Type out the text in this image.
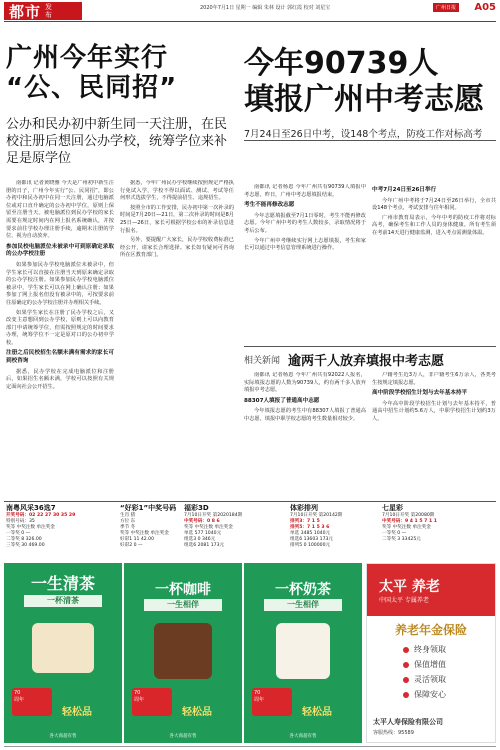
都市 发布
2020年7月1日 星期一 编辑 朱林 设计 郭红霞 校对 刘星宝	广州日报	A05
广州今年实行
“公、民同招”
公办和民办初中新生同一天注册，在民校注册后想回公办学校，统筹学位来补足是原学位

南都讯 记者黄晓雅 今天是广州初中新生注册的日子，广州今年实行“公、民同招”，即公办初中和民办初中在同一天注册，通过电脑派位或对口直升确定的公办初中学位，原则上保留至注册当天。被电脑派位到民办学校的家长需要在规定时间内在网上报名系统确认，并按要求前往学校办理注册手续，逾期未注册的学位，视为自动放弃。

参加民校电脑派位未被录中可到原确定录取的公办学校注册

如果参加民办学校电脑派位未被录中，但学生家长可以直接在注册当天到原来确定录取的公办学校注册。如果参加民办学校电脑派位被录中，学生家长可以在网上确认注册；如果参加了网上报名但没有被录中的，可按要求前往原确定的公办学校注册并办理相关手续。

如果学生家长在注册了民办学校之后，又改变主意想回到公办学校，原则上可以向教育部门申请统筹学位，但需按照规定的时间要求办理，统筹学位不一定是原对口的公办初中学校。

注册之后民校招生名额未满有需求的家长可到校咨询

据悉，民办学校在完成电脑派位和注册后，如果招生名额未满，学校可以按照有关规定面向社会公开招生。

据悉，今年广州民办学校继续按照规定严格执行免试入学，学校不得以面试、测试、考试等任何形式选拔学生，不得提前招生、违规招生。

按照全市的工作安排，民办初中第一次补录的时间是7月20日—21日，第二次补录的时间是8月25日—26日，家长可根据学校公布的补录信息进行报名。

另外，要提醒广大家长，民办学校收费标准已经公开，请家长合理选择。家长如有疑问可咨询所在区教育部门。

今年90739人
填报广州中考志愿
7月24日至26日中考，设148个考点，防疫工作对标高考

南都讯 记者杨恩 今年广州共有90739人填报中考志愿，昨日，广州中考志愿填报结束。

考生不能再修改志愿

今年志愿填报截至7月1日零时，考生不能再修改志愿。今年广州中考的考生人数较多，录取情况将于考后公布。

今年广州中考继续实行网上志愿填报，考生和家长可以通过中考信息管理系统进行操作。

中考7月24日至26日举行

今年广州中考将于7月24日至26日举行，全市共设148个考点，考试安排与往年相同。

广州市教育局表示，今年中考的防疫工作将对标高考，确保考生和工作人员的身体健康。所有考生须在考前14天进行健康监测，进入考点需测量体温。

相关新闻 逾两千人放弃填报中考志愿

南都讯 记者杨恩 今年广州共有92022人报名，实际填报志愿的人数为90739人，约有两千多人放弃填报中考志愿。

88307人填报了普通高中志愿

今年填报志愿的考生中有88307人填报了普通高中志愿，填报中职学校志愿的考生数量相对较少。

户籍考生近3万人，非户籍考生6万余人，各类考生按规定填报志愿。

高中阶段学校招生计划与去年基本持平

今年高中阶段学校招生计划与去年基本持平，普通高中招生计划约5.6万人，中职学校招生计划约3万人。

南粤风采36选7
开奖号码：02 22 27 30 35 29
特别号码：35
奖等 中奖注数 单注奖金
一等奖 0 —
二等奖 8 326.00
三等奖 30 469.00
“好彩1”中奖号码
生肖 猪
方位 东
季节 冬
奖等 中奖注数 单注奖金
好彩1 11 42.00
好彩2 0 —
福彩3D
7月10日开奖 第2020184期
中奖号码：0 8 6
奖等 中奖注数 单注奖金
单选 577 1040元
组选3 0 346元
组选6 2081 173元
体彩排列
7月10日开奖 第20142期
排列3：7 1 5
排列5：7 1 5 3 6
单选 3485 1040元
组选6 13603 173元
排列5 0 100000元
七星彩
7月10日开奖 第20080期
中奖号码：9 4 1 5 7 1 1
奖等 中奖注数 单注奖金
一等奖 0 —
二等奖 3 33425元
一生清茶
一杯清茶
70
周年
轻松品
各大商超有售
一杯咖啡
一生相伴
70
周年
轻松品
各大商超有售
一杯奶茶
一生相伴
70
周年
轻松品
各大商超有售
太平 养老
中国太平 专属养老
养老年金保险
终身领取
保值增值
灵活领取
保障安心
太平人寿保险有限公司
客服热线：95589
